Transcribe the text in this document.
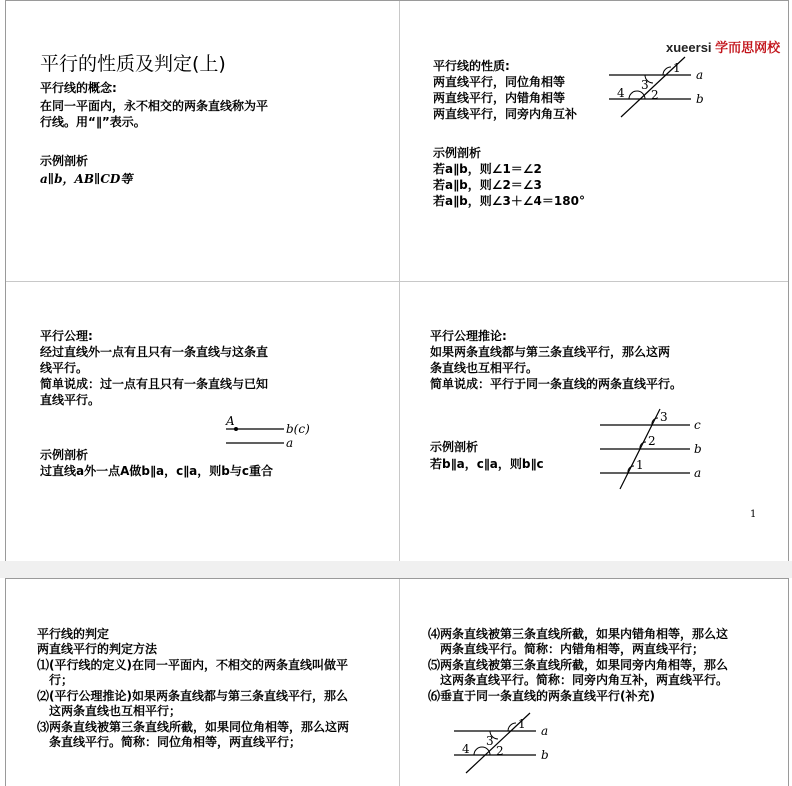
平行的性质及判定(上)
平行线的概念:
在同一平面内，永不相交的两条直线称为平
行线。用“∥”表示。
示例剖析
a∥b，AB∥CD等
xueersi 学而思网校
平行线的性质:
两直线平行，同位角相等
两直线平行，内错角相等
两直线平行，同旁内角互补
示例剖析
若a∥b，则∠1＝∠2
若a∥b，则∠2＝∠3
若a∥b，则∠3＋∠4＝180°
1
3
4 2
a
b
平行公理:
经过直线外一点有且只有一条直线与这条直
线平行。
简单说成：过一点有且只有一条直线与已知
直线平行。
A
b(c)
a
示例剖析
过直线a外一点A做b∥a，c∥a，则b与c重合
平行公理推论:
如果两条直线都与第三条直线平行，那么这两
条直线也互相平行。
简单说成：平行于同一条直线的两条直线平行。
示例剖析
若b∥a，c∥a，则b∥c
3
2
1
c
b
a
1
平行线的判定
两直线平行的判定方法
⑴(平行线的定义)在同一平面内，不相交的两条直线叫做平
行；
⑵(平行公理推论)如果两条直线都与第三条直线平行，那么
这两条直线也互相平行；
⑶两条直线被第三条直线所截，如果同位角相等，那么这两
条直线平行。简称：同位角相等，两直线平行；
⑷两条直线被第三条直线所截，如果内错角相等，那么这
两条直线平行。简称：内错角相等，两直线平行；
⑸两条直线被第三条直线所截，如果同旁内角相等，那么
这两条直线平行。简称：同旁内角互补，两直线平行。
⑹垂直于同一条直线的两条直线平行(补充)
1
3
4 2
a
b
